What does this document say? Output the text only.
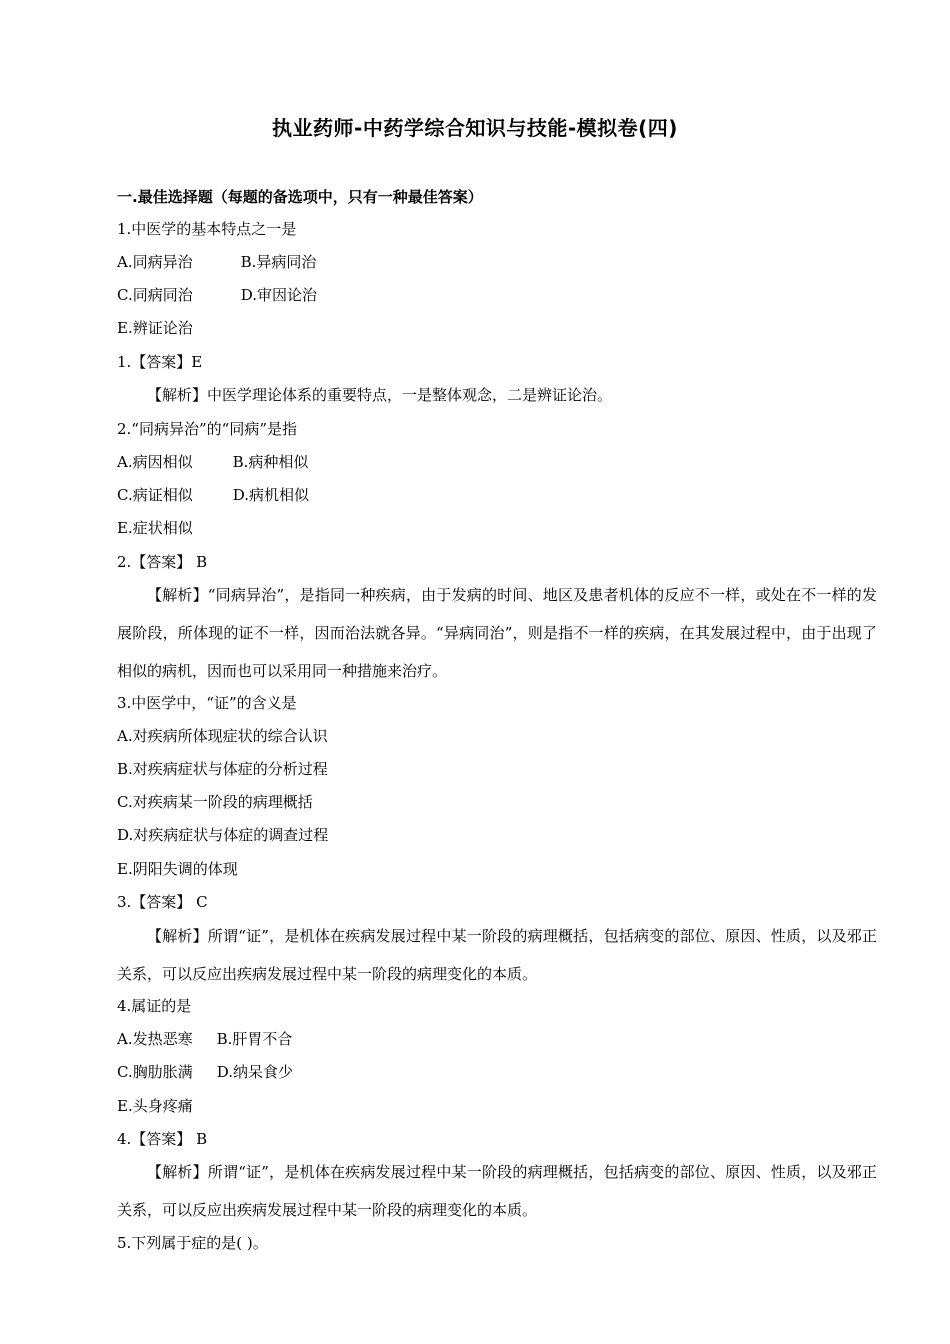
执业药师-中药学综合知识与技能-模拟卷(四)
一.最佳选择题（每题的备选项中，只有一种最佳答案）
1.中医学的基本特点之一是
A.同病异治	B.异病同治
C.同病同治	D.审因论治
E.辨证论治
1.【答案】E
【解析】中医学理论体系的重要特点，一是整体观念，二是辨证论治。
2.“同病异治”的“同病”是指
A.病因相似	B.病种相似
C.病证相似	D.病机相似
E.症状相似
2.【答案】 B
【解析】“同病异治”，是指同一种疾病，由于发病的时间、地区及患者机体的反应不一样，或处在不一样的发展阶段，所体现的证不一样，因而治法就各异。“异病同治”，则是指不一样的疾病，在其发展过程中，由于出现了相似的病机，因而也可以采用同一种措施来治疗。
3.中医学中，“证”的含义是
A.对疾病所体现症状的综合认识
B.对疾病症状与体症的分析过程
C.对疾病某一阶段的病理概括
D.对疾病症状与体症的调查过程
E.阴阳失调的体现
3.【答案】 C
【解析】所谓“证”，是机体在疾病发展过程中某一阶段的病理概括，包括病变的部位、原因、性质，以及邪正关系，可以反应出疾病发展过程中某一阶段的病理变化的本质。
4.属证的是
A.发热恶寒 B.肝胃不合
C.胸肋胀满 D.纳呆食少
E.头身疼痛
4.【答案】 B
【解析】所谓“证”，是机体在疾病发展过程中某一阶段的病理概括，包括病变的部位、原因、性质，以及邪正关系，可以反应出疾病发展过程中某一阶段的病理变化的本质。
5.下列属于症的是( )。
